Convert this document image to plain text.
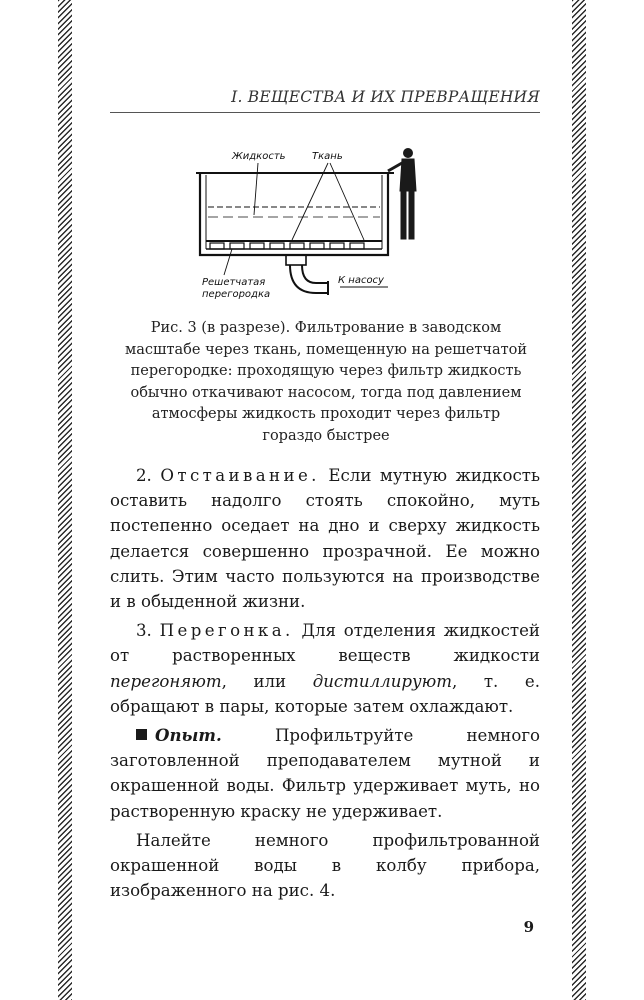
I. ВЕЩЕСТВА И ИХ ПРЕВРАЩЕНИЯ
Жидкость	Ткань
Решетчатая
перегородка
К насосу
Рис. 3 (в разрезе). Фильтрование в заводском масштабе через ткань, помещенную на решетчатой перегородке: проходящую через фильтр жидкость обычно откачивают насосом, тогда под давлением атмосферы жидкость проходит через фильтр гораздо быстрее

2. Отстаивание. Если мутную жидкость оставить надолго стоять спокойно, муть постепенно оседает на дно и сверху жидкость делается совершенно прозрачной. Ее можно слить. Этим часто пользуются на производстве и в обыденной жизни.

3. Перегонка. Для отделения жидкостей от растворенных веществ жидкости перегоняют, или дистиллируют, т. е. обращают в пары, которые затем охлаждают.

Опыт. Профильтруйте немного заготовленной преподавателем мутной и окрашенной воды. Фильтр удерживает муть, но растворенную краску не удерживает.

Налейте немного профильтрованной окрашенной воды в колбу прибора, изображенного на рис. 4.

9
